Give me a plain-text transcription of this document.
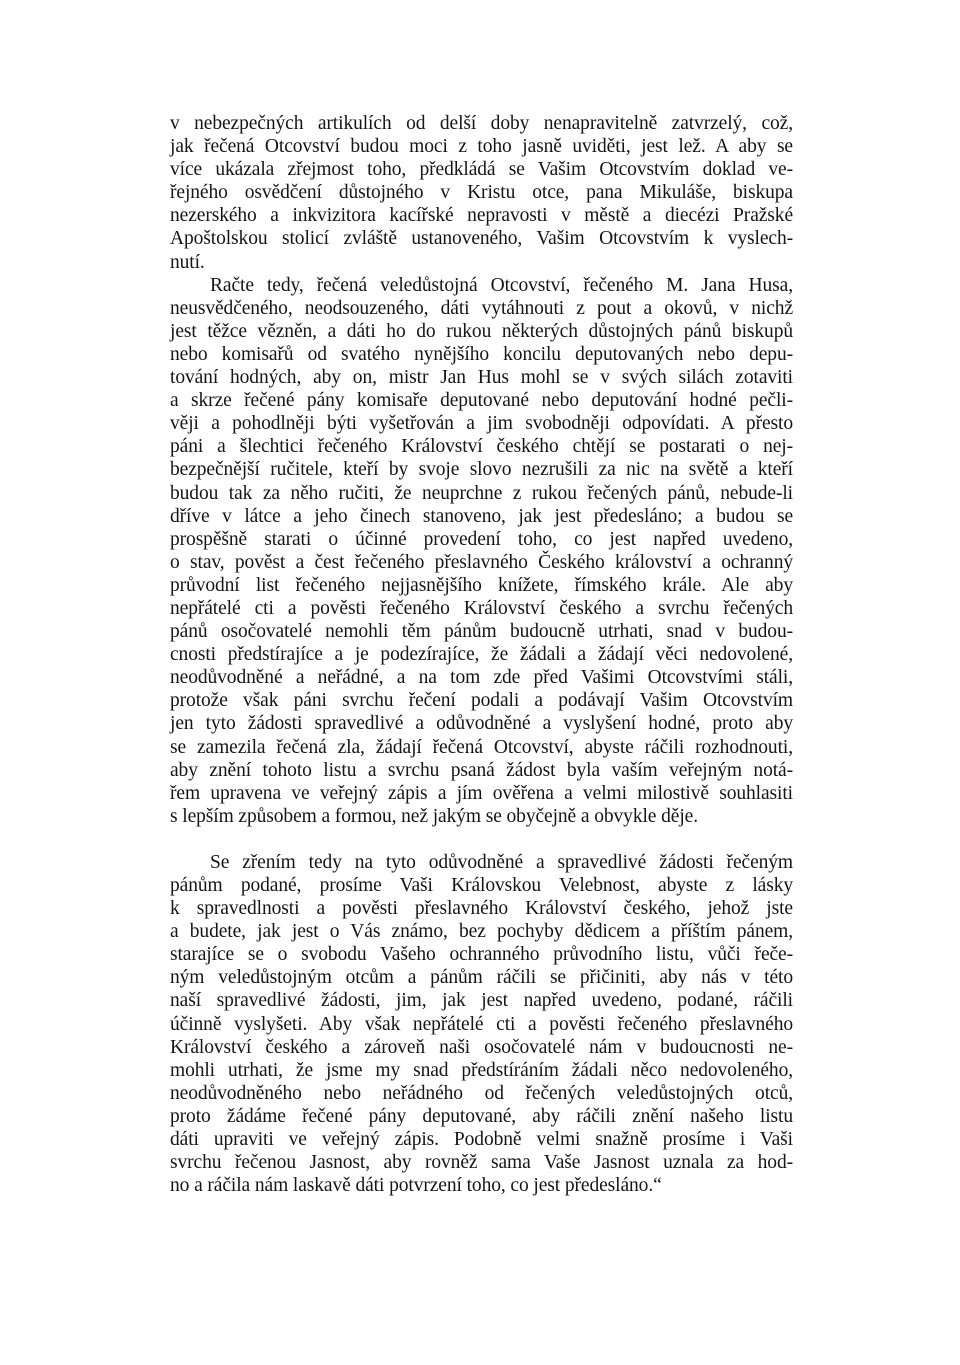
v nebezpečných artikulích od delší doby nenapravitelně zatvrzelý, což,
jak řečená Otcovství budou moci z toho jasně uviděti, jest lež. A aby se
více ukázala zřejmost toho, předkládá se Vašim Otcovstvím doklad ve-
řejného osvědčení důstojného v Kristu otce, pana Mikuláše, biskupa
nezerského a inkvizitora kacířské nepravosti v městě a diecézi Pražské
Apoštolskou stolicí zvláště ustanoveného, Vašim Otcovstvím k vyslech-
nutí.
Račte tedy, řečená veledůstojná Otcovství, řečeného M. Jana Husa,
neusvědčeného, neodsouzeného, dáti vytáhnouti z pout a okovů, v nichž
jest těžce vězněn, a dáti ho do rukou některých důstojných pánů biskupů
nebo komisařů od svatého nynějšího koncilu deputovaných nebo depu-
tování hodných, aby on, mistr Jan Hus mohl se v svých silách zotaviti
a skrze řečené pány komisaře deputované nebo deputování hodné pečli-
věji a pohodlněji býti vyšetřován a jim svobodněji odpovídati. A přesto
páni a šlechtici řečeného Království českého chtějí se postarati o nej-
bezpečnější ručitele, kteří by svoje slovo nezrušili za nic na světě a kteří
budou tak za něho ručiti, že neuprchne z rukou řečených pánů, nebude-li
dříve v látce a jeho činech stanoveno, jak jest předesláno; a budou se
prospěšně starati o účinné provedení toho, co jest napřed uvedeno,
o stav, pověst a čest řečeného přeslavného Českého království a ochranný
průvodní list řečeného nejjasnějšího knížete, římského krále. Ale aby
nepřátelé cti a pověsti řečeného Království českého a svrchu řečených
pánů osočovatelé nemohli těm pánům budoucně utrhati, snad v budou-
cnosti předstírajíce a je podezírajíce, že žádali a žádají věci nedovolené,
neodůvodněné a neřádné, a na tom zde před Vašimi Otcovstvími stáli,
protože však páni svrchu řečení podali a podávají Vašim Otcovstvím
jen tyto žádosti spravedlivé a odůvodněné a vyslyšení hodné, proto aby
se zamezila řečená zla, žádají řečená Otcovství, abyste ráčili rozhodnouti,
aby znění tohoto listu a svrchu psaná žádost byla vaším veřejným notá-
řem upravena ve veřejný zápis a jím ověřena a velmi milostivě souhlasiti
s lepším způsobem a formou, než jakým se obyčejně a obvykle děje.
Se zřením tedy na tyto odůvodněné a spravedlivé žádosti řečeným
pánům podané, prosíme Vaši Královskou Velebnost, abyste z lásky
k spravedlnosti a pověsti přeslavného Království českého, jehož jste
a budete, jak jest o Vás známo, bez pochyby dědicem a příštím pánem,
starajíce se o svobodu Vašeho ochranného průvodního listu, vůči řeče-
ným veledůstojným otcům a pánům ráčili se přičiniti, aby nás v této
naší spravedlivé žádosti, jim, jak jest napřed uvedeno, podané, ráčili
účinně vyslyšeti. Aby však nepřátelé cti a pověsti řečeného přeslavného
Království českého a zároveň naši osočovatelé nám v budoucnosti ne-
mohli utrhati, že jsme my snad předstíráním žádali něco nedovoleného,
neodůvodněného nebo neřádného od řečených veledůstojných otců,
proto žádáme řečené pány deputované, aby ráčili znění našeho listu
dáti upraviti ve veřejný zápis. Podobně velmi snažně prosíme i Vaši
svrchu řečenou Jasnost, aby rovněž sama Vaše Jasnost uznala za hod-
no a ráčila nám laskavě dáti potvrzení toho, co jest předesláno.“
